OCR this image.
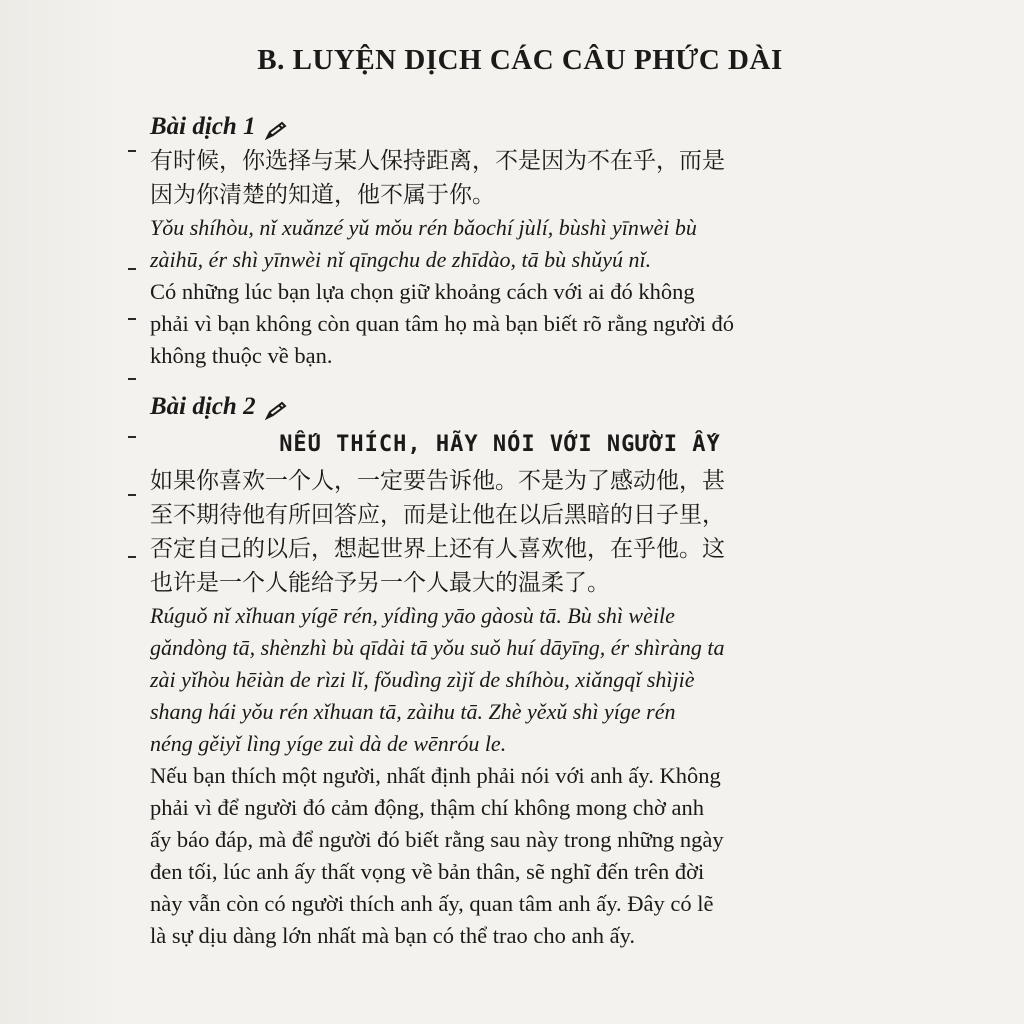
B. LUYỆN DỊCH CÁC CÂU PHỨC DÀI
Bài dịch 1
有时候，你选择与某人保持距离，不是因为不在乎，而是
因为你清楚的知道，他不属于你。
Yǒu shíhòu, nǐ xuǎnzé yǔ mǒu rén bǎochí jùlí, bùshì yīnwèi bù
zàihū, ér shì yīnwèi nǐ qīngchu de zhīdào, tā bù shǔyú nǐ.
Có những lúc bạn lựa chọn giữ khoảng cách với ai đó không
phải vì bạn không còn quan tâm họ mà bạn biết rõ rằng người đó
không thuộc về bạn.
Bài dịch 2
NẾU THÍCH, HÃY NÓI VỚI NGƯỜI ẤY
如果你喜欢一个人，一定要告诉他。不是为了感动他，甚
至不期待他有所回答应，而是让他在以后黑暗的日子里，
否定自己的以后，想起世界上还有人喜欢他，在乎他。这
也许是一个人能给予另一个人最大的温柔了。
Rúguǒ nǐ xǐhuan yígē rén, yídìng yāo gàosù tā. Bù shì wèile
gǎndòng tā, shènzhì bù qīdài tā yǒu suǒ huí dāyīng, ér shìràng ta
zài yǐhòu hēiàn de rìzi lǐ, fǒudìng zìjǐ de shíhòu, xiǎngqǐ shìjiè
shang hái yǒu rén xǐhuan tā, zàihu tā. Zhè yěxǔ shì yíge rén
néng gěiyǐ lìng yíge zuì dà de wēnróu le.
Nếu bạn thích một người, nhất định phải nói với anh ấy. Không
phải vì để người đó cảm động, thậm chí không mong chờ anh
ấy báo đáp, mà để người đó biết rằng sau này trong những ngày
đen tối, lúc anh ấy thất vọng về bản thân, sẽ nghĩ đến trên đời
này vẫn còn có người thích anh ấy, quan tâm anh ấy. Đây có lẽ
là sự dịu dàng lớn nhất mà bạn có thể trao cho anh ấy.
